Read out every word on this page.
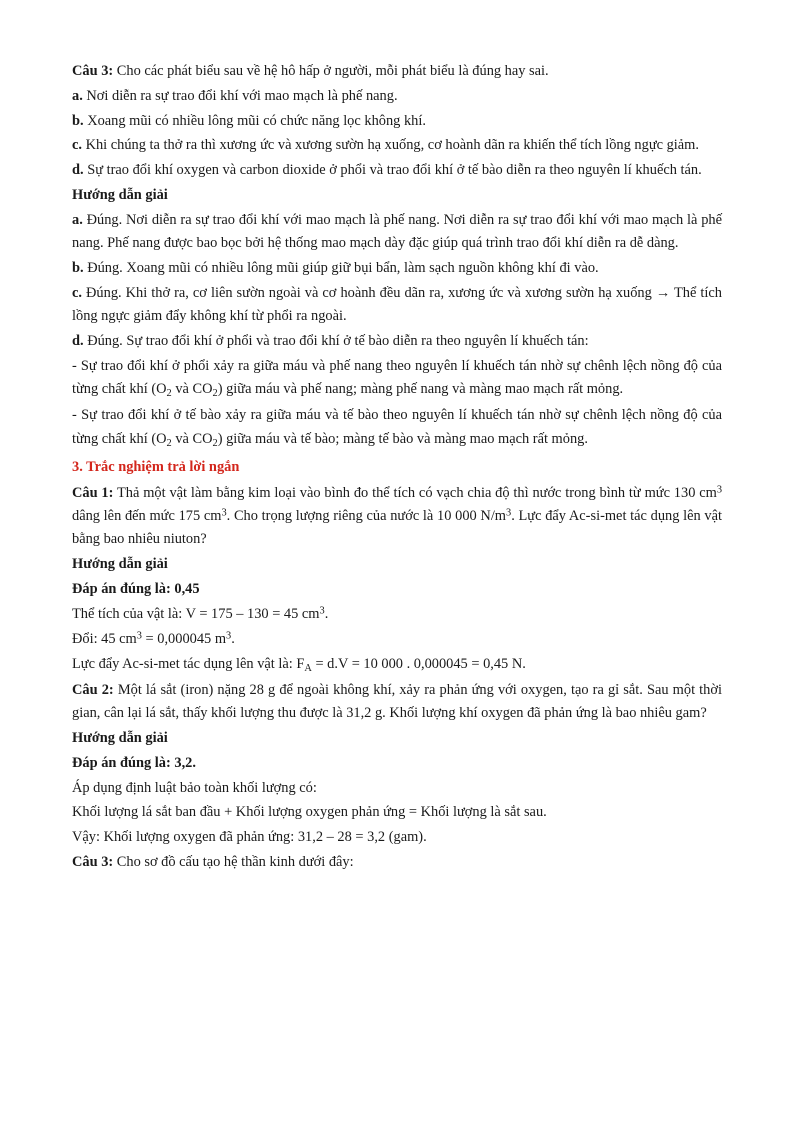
Câu 3: Cho các phát biểu sau về hệ hô hấp ở người, mỗi phát biểu là đúng hay sai.

a. Nơi diễn ra sự trao đổi khí với mao mạch là phế nang.

b. Xoang mũi có nhiều lông mũi có chức năng lọc không khí.

c. Khi chúng ta thở ra thì xương ức và xương sườn hạ xuống, cơ hoành dãn ra khiến thể tích lồng ngực giảm.

d. Sự trao đổi khí oxygen và carbon dioxide ở phổi và trao đổi khí ở tế bào diễn ra theo nguyên lí khuếch tán.

Hướng dẫn giải

a. Đúng. Nơi diễn ra sự trao đổi khí với mao mạch là phế nang. Nơi diễn ra sự trao đổi khí với mao mạch là phế nang. Phế nang được bao bọc bởi hệ thống mao mạch dày đặc giúp quá trình trao đổi khí diễn ra dễ dàng.

b. Đúng. Xoang mũi có nhiều lông mũi giúp giữ bụi bẩn, làm sạch nguồn không khí đi vào.

c. Đúng. Khi thở ra, cơ liên sườn ngoài và cơ hoành đều dãn ra, xương ức và xương sườn hạ xuống → Thể tích lồng ngực giảm đẩy không khí từ phổi ra ngoài.

d. Đúng. Sự trao đổi khí ở phổi và trao đổi khí ở tế bào diễn ra theo nguyên lí khuếch tán:

- Sự trao đổi khí ở phổi xảy ra giữa máu và phế nang theo nguyên lí khuếch tán nhờ sự chênh lệch nồng độ của từng chất khí ($O_2$ và $CO_2$) giữa máu và phế nang; màng phế nang và màng mao mạch rất mỏng.

- Sự trao đổi khí ở tế bào xảy ra giữa máu và tế bào theo nguyên lí khuếch tán nhờ sự chênh lệch nồng độ của từng chất khí ($O_2$ và $CO_2$) giữa máu và tế bào; màng tế bào và màng mao mạch rất mỏng.

3. Trắc nghiệm trả lời ngắn

Câu 1: Thả một vật làm bằng kim loại vào bình đo thể tích có vạch chia độ thì nước trong bình từ mức 130 $cm^3$ dâng lên đến mức 175 $cm^3$. Cho trọng lượng riêng của nước là 10 000 $N/m^3$. Lực đẩy Ac-si-met tác dụng lên vật bằng bao nhiêu niuton?

Hướng dẫn giải

Đáp án đúng là: 0,45

Thể tích của vật là: V = 175 – 130 = 45 $cm^3$.

Đổi: 45 $cm^3 = 0,000045$ $m^3$.

Lực đẩy Ac-si-met tác dụng lên vật là: $F_A = d.V = 10$ 000 . 0,000045 = 0,45 N.

Câu 2: Một lá sắt (iron) nặng 28 g để ngoài không khí, xảy ra phản ứng với oxygen, tạo ra gỉ sắt. Sau một thời gian, cân lại lá sắt, thấy khối lượng thu được là 31,2 g. Khối lượng khí oxygen đã phản ứng là bao nhiêu gam?

Hướng dẫn giải

Đáp án đúng là: 3,2.

Áp dụng định luật bảo toàn khối lượng có:

Khối lượng lá sắt ban đầu + Khối lượng oxygen phản ứng = Khối lượng là sắt sau.

Vậy: Khối lượng oxygen đã phản ứng: 31,2 – 28 = 3,2 (gam).

Câu 3: Cho sơ đồ cấu tạo hệ thần kinh dưới đây:
